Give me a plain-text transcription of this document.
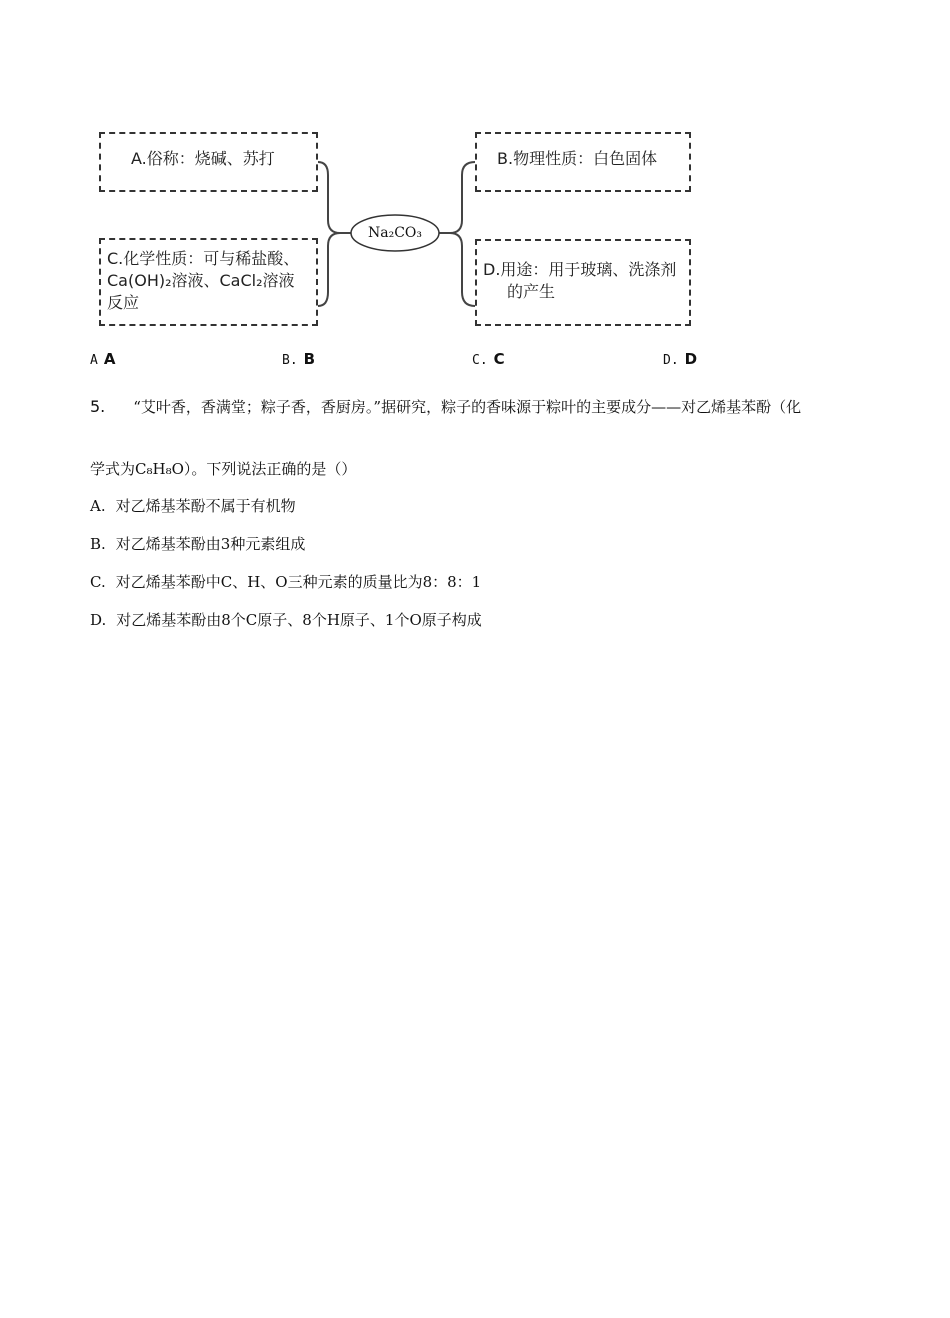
Na₂CO₃
A.俗称：烧碱、苏打	B.物理性质：白色固体
C.化学性质：可与稀盐酸、
Ca(OH)₂溶液、CaCl₂溶液
反应
D.用途：用于玻璃、洗涤剂
的产生
A A	B. B	C. C	D. D
5. “艾叶香，香满堂；粽子香，香厨房。”据研究，粽子的香味源于粽叶的主要成分——对乙烯基苯酚（化
学式为C₈H₈O）。下列说法正确的是（）
A. 对乙烯基苯酚不属于有机物
B. 对乙烯基苯酚由3种元素组成
C. 对乙烯基苯酚中C、H、O三种元素的质量比为8：8：1
D. 对乙烯基苯酚由8个C原子、8个H原子、1个O原子构成
